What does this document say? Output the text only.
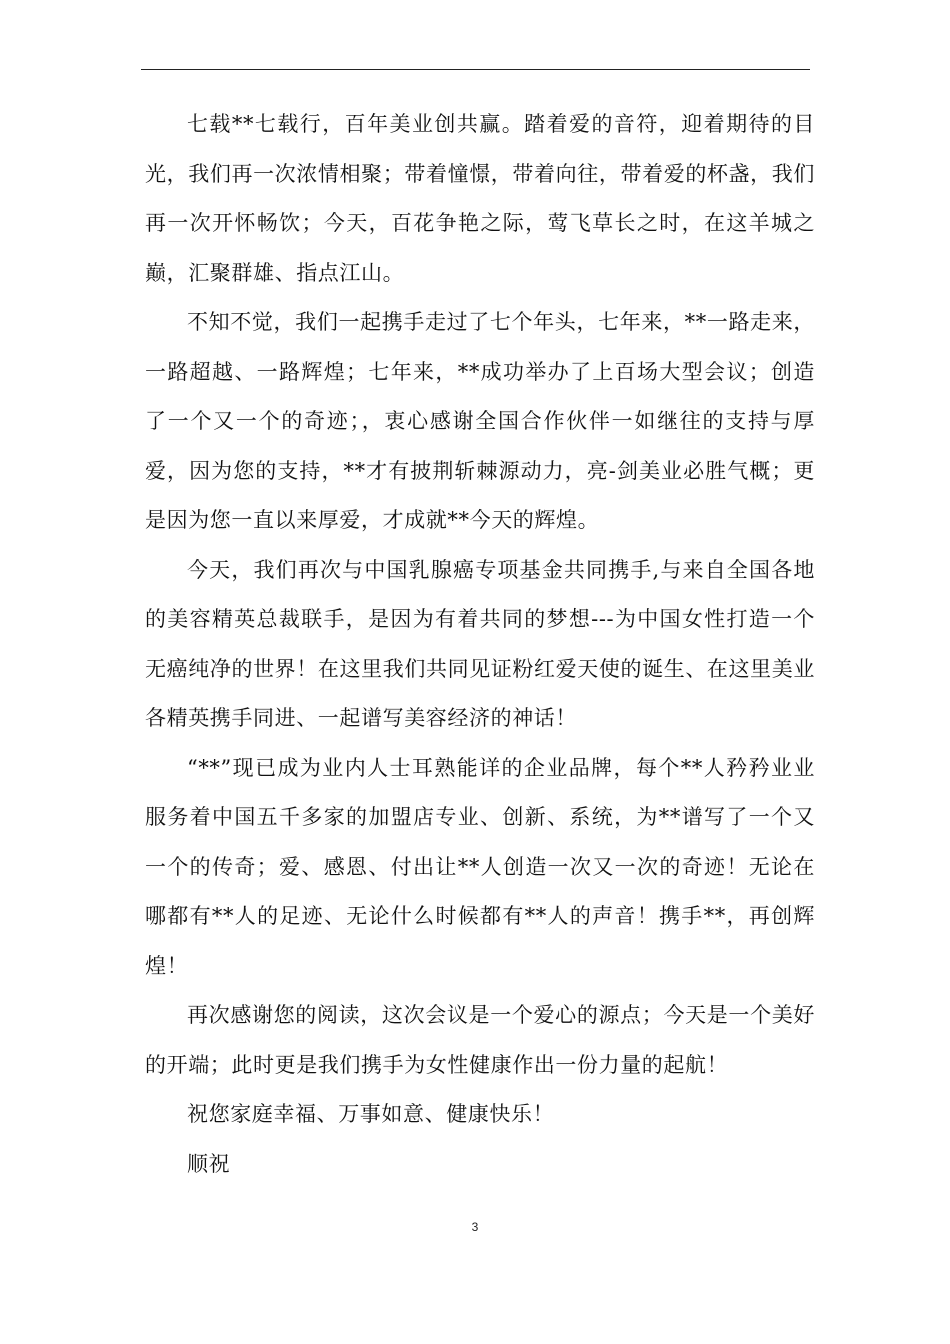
七载**七载行，百年美业创共赢。踏着爱的音符，迎着期待的目光，我们再一次浓情相聚；带着憧憬，带着向往，带着爱的杯盏，我们再一次开怀畅饮；今天，百花争艳之际，莺飞草长之时，在这羊城之巅，汇聚群雄、指点江山。

不知不觉，我们一起携手走过了七个年头，七年来，**一路走来，一路超越、一路辉煌；七年来，**成功举办了上百场大型会议；创造了一个又一个的奇迹；，衷心感谢全国合作伙伴一如继往的支持与厚爱，因为您的支持，**才有披荆斩棘源动力，亮-剑美业必胜气概；更是因为您一直以来厚爱，才成就**今天的辉煌。

今天，我们再次与中国乳腺癌专项基金共同携手,与来自全国各地的美容精英总裁联手，是因为有着共同的梦想---为中国女性打造一个无癌纯净的世界！在这里我们共同见证粉红爱天使的诞生、在这里美业各精英携手同进、一起谱写美容经济的神话！

“**”现已成为业内人士耳熟能详的企业品牌，每个**人矜矜业业服务着中国五千多家的加盟店专业、创新、系统，为**谱写了一个又一个的传奇；爱、感恩、付出让**人创造一次又一次的奇迹！无论在哪都有**人的足迹、无论什么时候都有**人的声音！携手**，再创辉煌！

再次感谢您的阅读，这次会议是一个爱心的源点；今天是一个美好的开端；此时更是我们携手为女性健康作出一份力量的起航！

祝您家庭幸福、万事如意、健康快乐！

顺祝

3
